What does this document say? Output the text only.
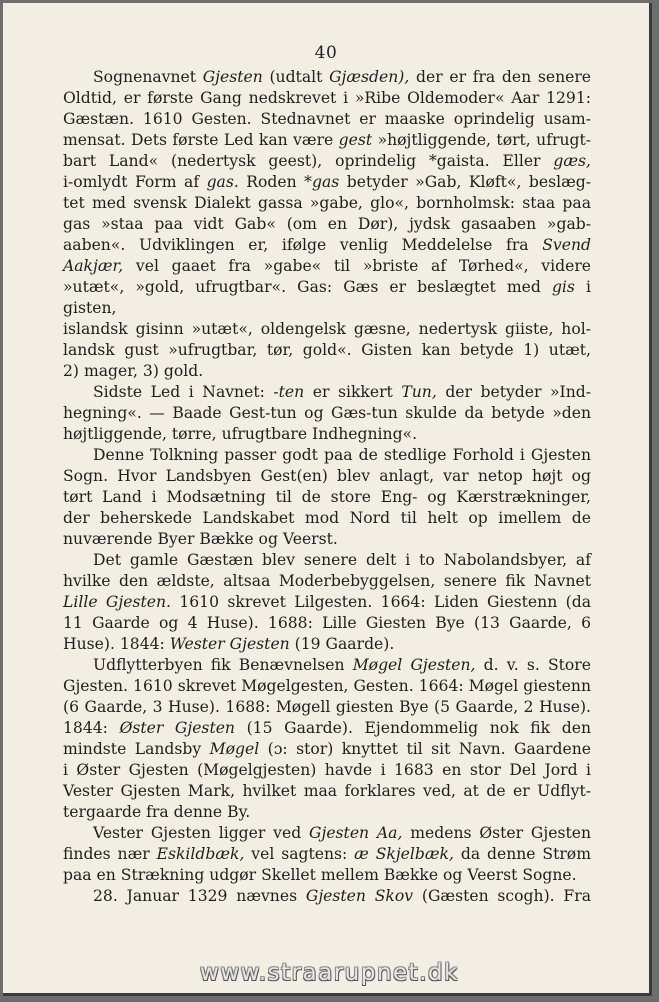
40
Sognenavnet Gjesten (udtalt Gjæsden), der er fra den senere
Oldtid, er første Gang nedskrevet i »Ribe Oldemoder« Aar 1291:
Gæstæn. 1610 Gesten. Stednavnet er maaske oprindelig usam-
mensat. Dets første Led kan være gest »højtliggende, tørt, ufrugt-
bart Land« (nedertysk geest), oprindelig *gaista. Eller gæs,
i-omlydt Form af gas. Roden *gas betyder »Gab, Kløft«, beslæg-
tet med svensk Dialekt gassa »gabe, glo«, bornholmsk: staa paa
gas »staa paa vidt Gab« (om en Dør), jydsk gasaaben »gab-
aaben«. Udviklingen er, ifølge venlig Meddelelse fra Svend
Aakjær, vel gaaet fra »gabe« til »briste af Tørhed«, videre
»utæt«, »gold, ufrugtbar«. Gas: Gæs er beslægtet med gis i gisten,
islandsk gisinn »utæt«, oldengelsk gæsne, nedertysk giiste, hol-
landsk gust »ufrugtbar, tør, gold«. Gisten kan betyde 1) utæt,
2) mager, 3) gold.
Sidste Led i Navnet: -ten er sikkert Tun, der betyder »Ind-
hegning«. — Baade Gest-tun og Gæs-tun skulde da betyde »den
højtliggende, tørre, ufrugtbare Indhegning«.
Denne Tolkning passer godt paa de stedlige Forhold i Gjesten
Sogn. Hvor Landsbyen Gest(en) blev anlagt, var netop højt og
tørt Land i Modsætning til de store Eng- og Kærstrækninger,
der beherskede Landskabet mod Nord til helt op imellem de
nuværende Byer Bække og Veerst.
Det gamle Gæstæn blev senere delt i to Nabolandsbyer, af
hvilke den ældste, altsaa Moderbebyggelsen, senere fik Navnet
Lille Gjesten. 1610 skrevet Lilgesten. 1664: Liden Giestenn (da
11 Gaarde og 4 Huse). 1688: Lille Giesten Bye (13 Gaarde, 6
Huse). 1844: Wester Gjesten (19 Gaarde).
Udflytterbyen fik Benævnelsen Møgel Gjesten, d. v. s. Store
Gjesten. 1610 skrevet Møgelgesten, Gesten. 1664: Møgel giestenn
(6 Gaarde, 3 Huse). 1688: Møgell giesten Bye (5 Gaarde, 2 Huse).
1844: Øster Gjesten (15 Gaarde). Ejendommelig nok fik den
mindste Landsby Møgel (ɔ: stor) knyttet til sit Navn. Gaardene
i Øster Gjesten (Møgelgjesten) havde i 1683 en stor Del Jord i
Vester Gjesten Mark, hvilket maa forklares ved, at de er Udflyt-
tergaarde fra denne By.
Vester Gjesten ligger ved Gjesten Aa, medens Øster Gjesten
findes nær Eskildbæk, vel sagtens: æ Skjelbæk, da denne Strøm
paa en Strækning udgør Skellet mellem Bække og Veerst Sogne.
28. Januar 1329 nævnes Gjesten Skov (Gæsten scogh). Fra
www.straarupnet.dk
